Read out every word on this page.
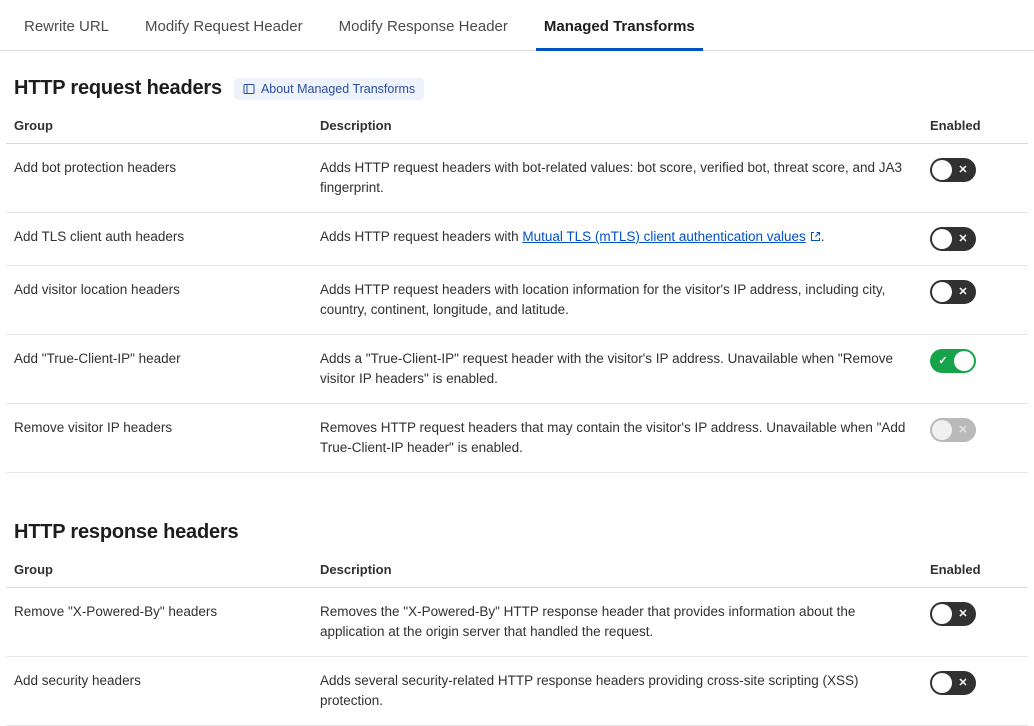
Rewrite URL	Modify Request Header	Modify Response Header	Managed Transforms
HTTP request headers	About Managed Transforms
Group	Description	Enabled
Add bot protection headers	Adds HTTP request headers with bot-related values: bot score, verified bot, threat score, and JA3 fingerprint.	✕

Add TLS client auth headers	Adds HTTP request headers with Mutual TLS (mTLS) client authentication values .	✕

Add visitor location headers	Adds HTTP request headers with location information for the visitor's IP address, including city, country, continent, longitude, and latitude.	✕

Add "True-Client-IP" header	Adds a "True-Client-IP" request header with the visitor's IP address. Unavailable when "Remove visitor IP headers" is enabled.	✓

Remove visitor IP headers	Removes HTTP request headers that may contain the visitor's IP address. Unavailable when "Add True-Client-IP header" is enabled.	✕
HTTP response headers
Group	Description	Enabled
Remove "X-Powered-By" headers	Removes the "X-Powered-By" HTTP response header that provides information about the application at the origin server that handled the request.	✕

Add security headers	Adds several security-related HTTP response headers providing cross-site scripting (XSS) protection.	✕
